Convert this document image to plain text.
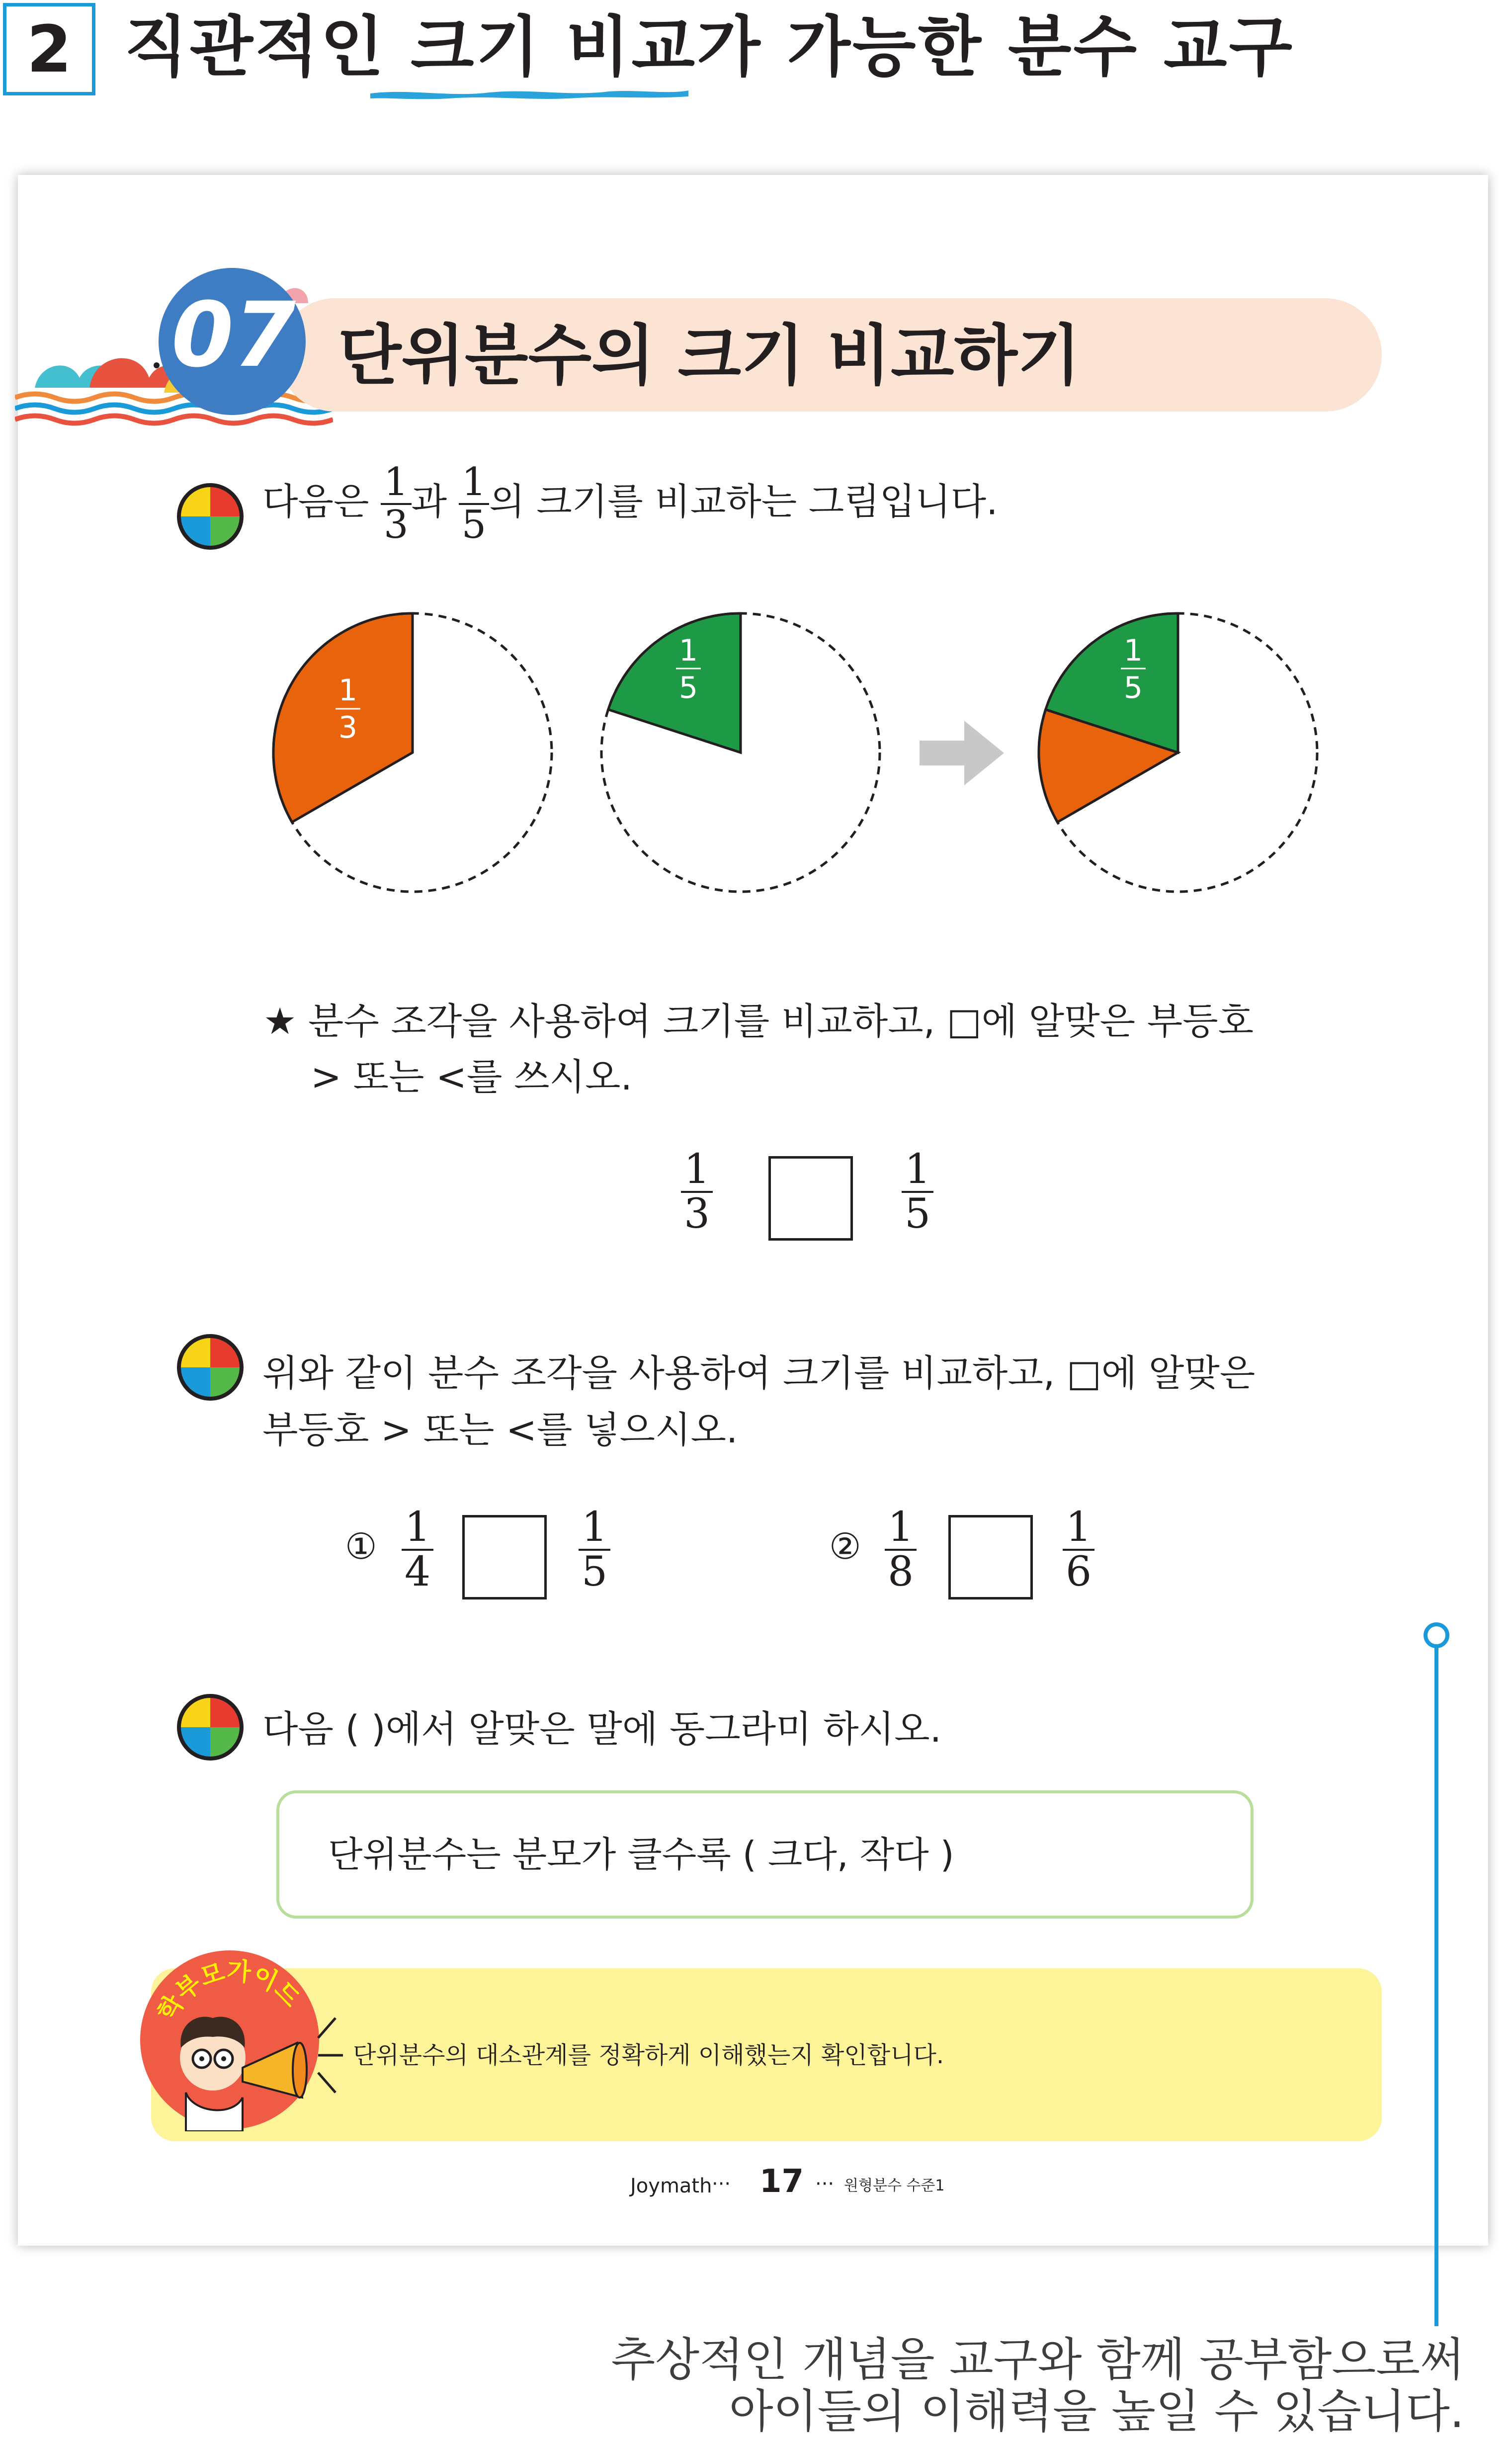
2 직관적인 크기 비교가 가능한 분수 교구
07 단위분수의 크기 비교하기
다음은 $\frac{1}{3}$ 과 $\frac{1}{5}$ 의 크기를 비교하는 그림입니다.
1
3
1
5
1
5
★ 분수 조각을 사용하여 크기를 비교하고, □에 알맞은 부등호
> 또는 <를 쓰시오.
$\frac{1}{3}$	$\frac{1}{5}$
위와 같이 분수 조각을 사용하여 크기를 비교하고, □에 알맞은
부등호 > 또는 <를 넣으시오.
① $\frac{1}{4}$	$\frac{1}{5}$	② $\frac{1}{8}$	$\frac{1}{6}$
다음 ( )에서 알맞은 말에 동그라미 하시오.
단위분수는 분모가 클수록 ( 크다, 작다 )
학부모가이드
단위분수의 대소관계를 정확하게 이해했는지 확인합니다.
Joymath ··· 17 ··· 원형분수 수준1
추상적인 개념을 교구와 함께 공부함으로써
아이들의 이해력을 높일 수 있습니다.
